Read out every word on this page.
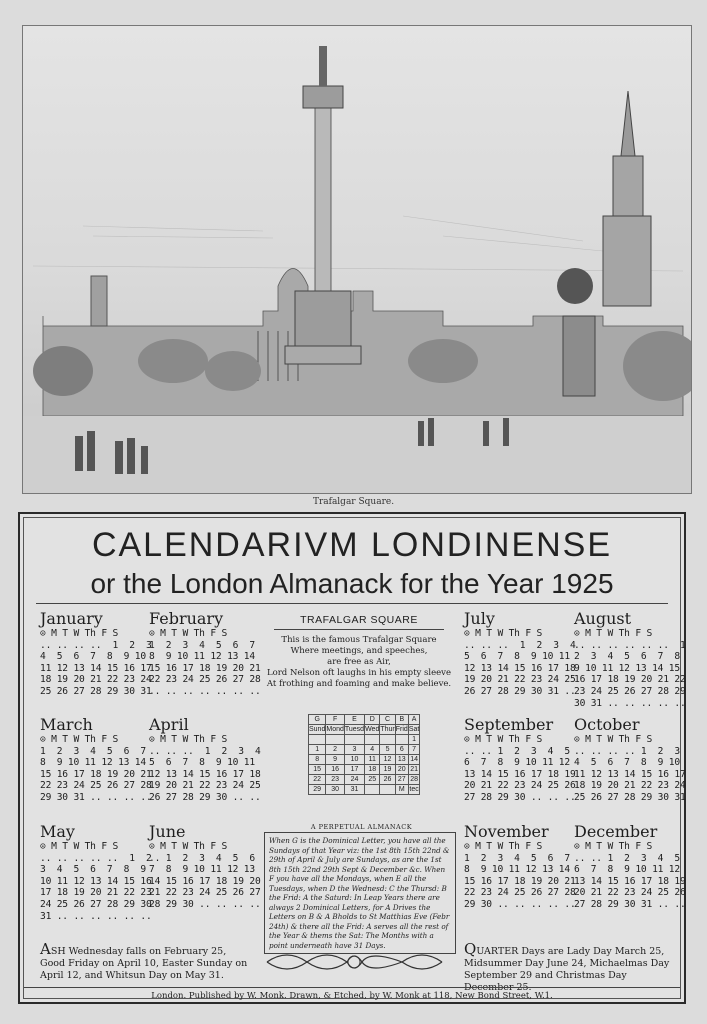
Trafalgar Square.
CALENDARIVM LONDINENSE
or the London Almanack for the Year 1925
January
⊙ M T W Th F S
.. .. .. ..  1  2  3
4  5  6  7  8  9 10
11 12 13 14 15 16 17
18 19 20 21 22 23 24
25 26 27 28 29 30 31
February
⊙ M T W Th F S
1  2  3  4  5  6  7
8  9 10 11 12 13 14
15 16 17 18 19 20 21
22 23 24 25 26 27 28
.. .. .. .. .. .. ..
March
⊙ M T W Th F S
1  2  3  4  5  6  7
8  9 10 11 12 13 14
15 16 17 18 19 20 21
22 23 24 25 26 27 28
29 30 31 .. .. .. ..
April
⊙ M T W Th F S
.. .. ..  1  2  3  4
5  6  7  8  9 10 11
12 13 14 15 16 17 18
19 20 21 22 23 24 25
26 27 28 29 30 .. ..
May
⊙ M T W Th F S
.. .. .. .. ..  1  2
3  4  5  6  7  8  9
10 11 12 13 14 15 16
17 18 19 20 21 22 23
24 25 26 27 28 29 30
31 .. .. .. .. .. ..
June
⊙ M T W Th F S
.. 1  2  3  4  5  6
7  8  9 10 11 12 13
14 15 16 17 18 19 20
21 22 23 24 25 26 27
28 29 30 .. .. .. ..
July
⊙ M T W Th F S
.. .. ..  1  2  3  4
5  6  7  8  9 10 11
12 13 14 15 16 17 18
19 20 21 22 23 24 25
26 27 28 29 30 31 ..
August
⊙ M T W Th F S
.. .. .. .. .. ..  1
2  3  4  5  6  7  8
9 10 11 12 13 14 15
16 17 18 19 20 21 22
23 24 25 26 27 28 29
30 31 .. .. .. .. ..
September
⊙ M T W Th F S
.. .. 1  2  3  4  5
6  7  8  9 10 11 12
13 14 15 16 17 18 19
20 21 22 23 24 25 26
27 28 29 30 .. .. ..
October
⊙ M T W Th F S
.. .. .. .. 1  2  3
4  5  6  7  8  9 10
11 12 13 14 15 16 17
18 19 20 21 22 23 24
25 26 27 28 29 30 31
November
⊙ M T W Th F S
1  2  3  4  5  6  7
8  9 10 11 12 13 14
15 16 17 18 19 20 21
22 23 24 25 26 27 28
29 30 .. .. .. .. ..
December
⊙ M T W Th F S
.. .. 1  2  3  4  5
6  7  8  9 10 11 12
13 14 15 16 17 18 19
20 21 22 23 24 25 26
27 28 29 30 31 .. ..
TRAFALGAR SQUARE
This is the famous Trafalgar Square
Where meetings, and speeches,
are free as Air,
Lord Nelson oft laughs in his empty sleeve
At frothing and foaming and make believe.
G	F	E	D	C	B	A
Sund	Mond	Tuesd	Wed	Thur	Frid	Sat
						1
1	2	3	4	5	6	7
8	9	10	11	12	13	14
15	16	17	18	19	20	21
22	23	24	25	26	27	28
29	30	31			M	tec
A PERPETUAL ALMANACK
When G is the Dominical Letter, you have all the Sundays of that Year viz: the 1st 8th 15th 22nd & 29th of April & July are Sundays, as are the 1st 8th 15th 22nd 29th Sept & December &c. When F you have all the Mondays, when E all the Tuesdays, when D the Wednesd: C the Thursd: B the Frid: A the Saturd: In Leap Years there are always 2 Dominical Letters, for A Drives the Letters on B & A Bholds to St Matthias Eve (Febr 24th) & there all the Frid: A serves all the rest of the Year & thems the Sat: The Months with a point underneath have 31 Days.
ASH Wednesday falls on February 25, Good Friday on April 10, Easter Sunday on April 12, and Whitsun Day on May 31.
QUARTER Days are Lady Day March 25, Midsummer Day June 24, Michaelmas Day September 29 and Christmas Day December 25.
London. Published by W. Monk. Drawn, & Etched, by W. Monk at 118, New Bond Street, W.1.
